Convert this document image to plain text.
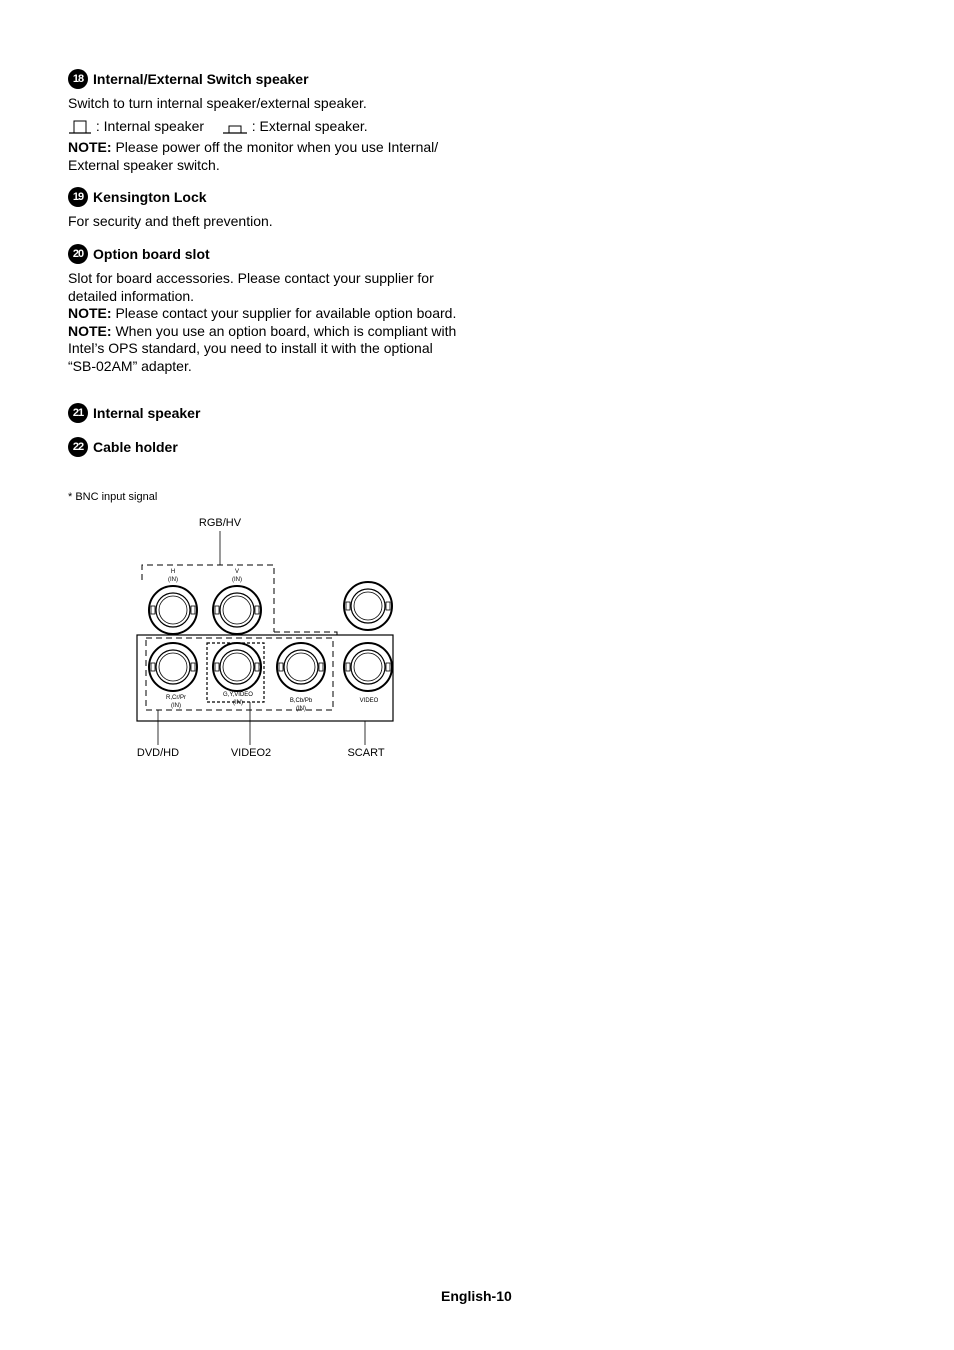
18 Internal/External Switch speaker

Switch to turn internal speaker/external speaker.

: Internal speaker	: External speaker.

NOTE: Please power off the monitor when you use Internal/ External speaker switch.

19 Kensington Lock

For security and theft prevention.

20 Option board slot

Slot for board accessories. Please contact your supplier for detailed information.

NOTE: Please contact your supplier for available option board.

NOTE: When you use an option board, which is compliant with Intel’s OPS standard, you need to install it with the optional “SB-02AM” adapter.

21 Internal speaker
22 Cable holder
* BNC input signal
RGB/HV
H
(IN)
V
(IN)
R,Cr/Pr
(IN)
G,Y,VIDEO
(IN)	B,Cb/Pb
(IN)
VIDEO
DVD/HD	VIDEO2	SCART
English-10
